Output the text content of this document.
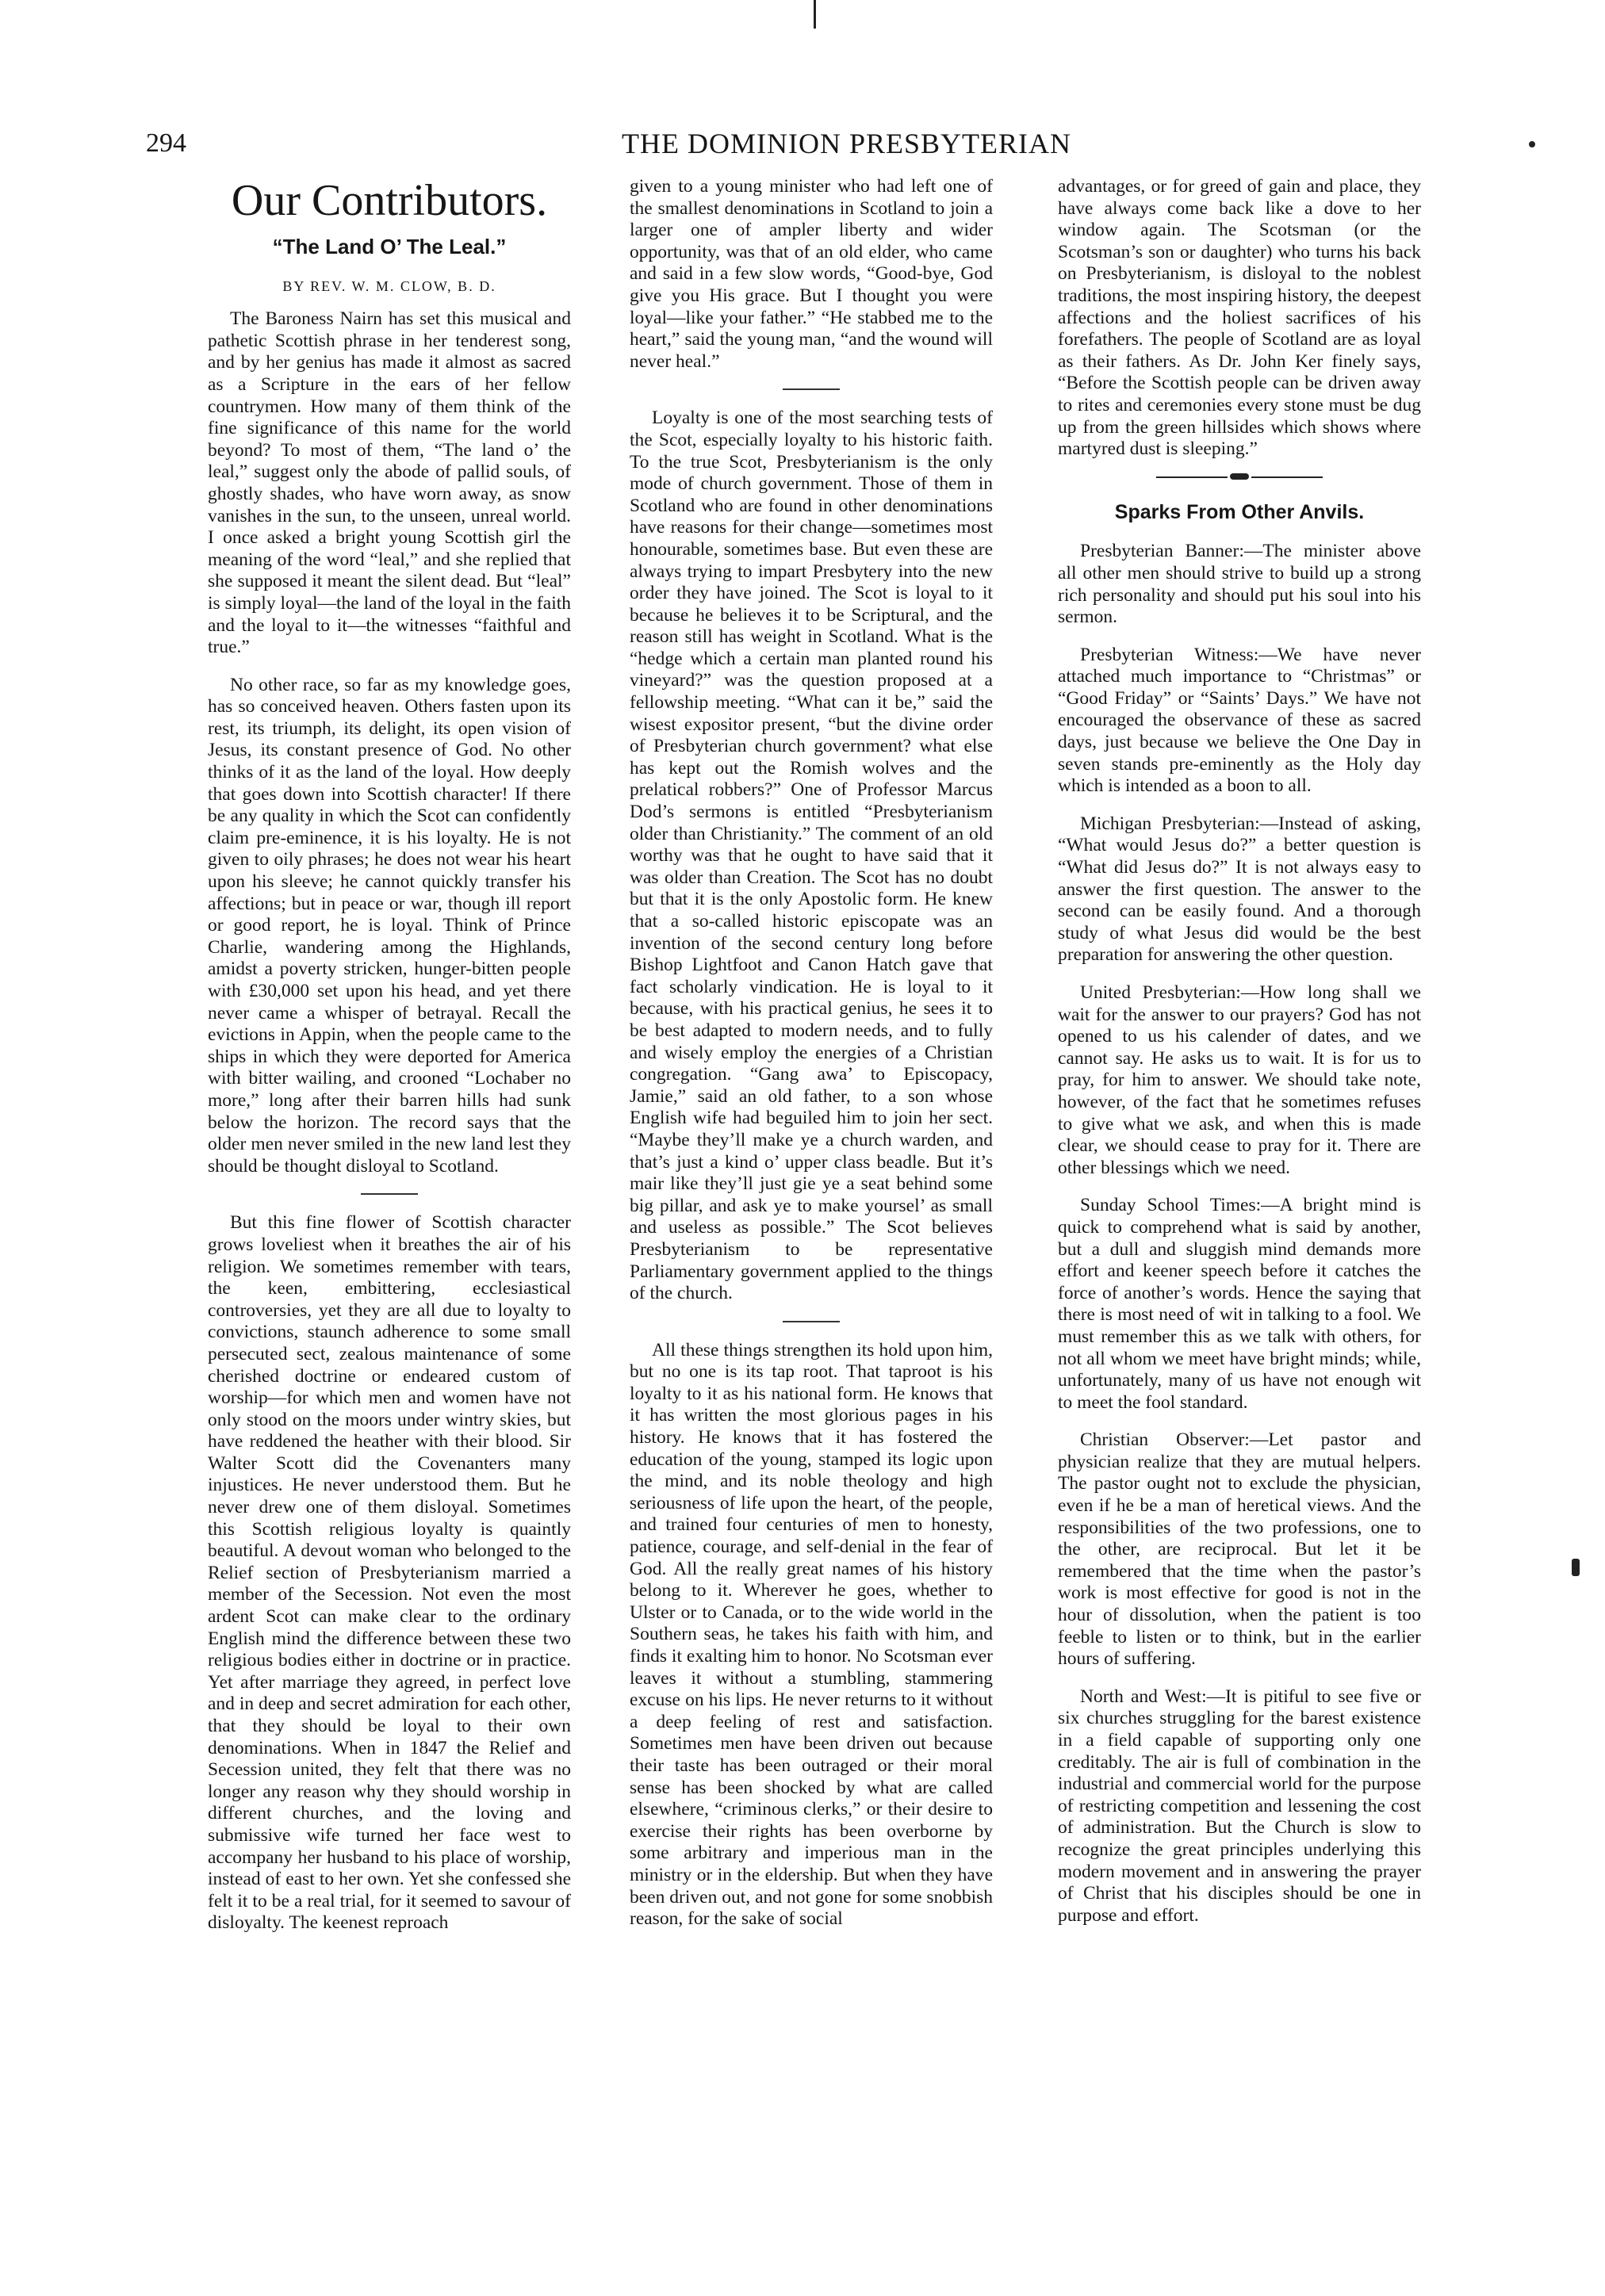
294	THE DOMINION PRESBYTERIAN
Our Contributors.
“The Land O’ The Leal.”
BY REV. W. M. CLOW, B. D.

The Baroness Nairn has set this musical and pathetic Scottish phrase in her tenderest song, and by her genius has made it almost as sacred as a Scripture in the ears of her fellow countrymen. How many of them think of the fine significance of this name for the world beyond? To most of them, “The land o’ the leal,” suggest only the abode of pallid souls, of ghostly shades, who have worn away, as snow vanishes in the sun, to the unseen, unreal world. I once asked a bright young Scottish girl the meaning of the word “leal,” and she replied that she supposed it meant the silent dead. But “leal” is simply loyal—the land of the loyal in the faith and the loyal to it—the witnesses “faithful and true.”

No other race, so far as my knowledge goes, has so conceived heaven. Others fasten upon its rest, its triumph, its delight, its open vision of Jesus, its constant presence of God. No other thinks of it as the land of the loyal. How deeply that goes down into Scottish character! If there be any quality in which the Scot can confidently claim pre-eminence, it is his loyalty. He is not given to oily phrases; he does not wear his heart upon his sleeve; he cannot quickly transfer his affections; but in peace or war, though ill report or good report, he is loyal. Think of Prince Charlie, wandering among the Highlands, amidst a poverty stricken, hunger-bitten people with £30,000 set upon his head, and yet there never came a whisper of betrayal. Recall the evictions in Appin, when the people came to the ships in which they were deported for America with bitter wailing, and crooned “Lochaber no more,” long after their barren hills had sunk below the horizon. The record says that the older men never smiled in the new land lest they should be thought disloyal to Scotland.

But this fine flower of Scottish character grows loveliest when it breathes the air of his religion. We sometimes remember with tears, the keen, embittering, ecclesiastical controversies, yet they are all due to loyalty to convictions, staunch adherence to some small persecuted sect, zealous maintenance of some cherished doctrine or endeared custom of worship—for which men and women have not only stood on the moors under wintry skies, but have reddened the heather with their blood. Sir Walter Scott did the Covenanters many injustices. He never understood them. But he never drew one of them disloyal. Sometimes this Scottish religious loyalty is quaintly beautiful. A devout woman who belonged to the Relief section of Presbyterianism married a member of the Secession. Not even the most ardent Scot can make clear to the ordinary English mind the difference between these two religious bodies either in doctrine or in practice. Yet after marriage they agreed, in perfect love and in deep and secret admiration for each other, that they should be loyal to their own denominations. When in 1847 the Relief and Secession united, they felt that there was no longer any reason why they should worship in different churches, and the loving and submissive wife turned her face west to accompany her husband to his place of worship, instead of east to her own. Yet she confessed she felt it to be a real trial, for it seemed to savour of disloyalty. The keenest reproach

given to a young minister who had left one of the smallest denominations in Scotland to join a larger one of ampler liberty and wider opportunity, was that of an old elder, who came and said in a few slow words, “Good-bye, God give you His grace. But I thought you were loyal—like your father.” “He stabbed me to the heart,” said the young man, “and the wound will never heal.”

Loyalty is one of the most searching tests of the Scot, especially loyalty to his historic faith. To the true Scot, Presbyterianism is the only mode of church government. Those of them in Scotland who are found in other denominations have reasons for their change—sometimes most honourable, sometimes base. But even these are always trying to impart Presbytery into the new order they have joined. The Scot is loyal to it because he believes it to be Scriptural, and the reason still has weight in Scotland. What is the “hedge which a certain man planted round his vineyard?” was the question proposed at a fellowship meeting. “What can it be,” said the wisest expositor present, “but the divine order of Presbyterian church government? what else has kept out the Romish wolves and the prelatical robbers?” One of Professor Marcus Dod’s sermons is entitled “Presbyterianism older than Christianity.” The comment of an old worthy was that he ought to have said that it was older than Creation. The Scot has no doubt but that it is the only Apostolic form. He knew that a so-called historic episcopate was an invention of the second century long before Bishop Lightfoot and Canon Hatch gave that fact scholarly vindication. He is loyal to it because, with his practical genius, he sees it to be best adapted to modern needs, and to fully and wisely employ the energies of a Christian congregation. “Gang awa’ to Episcopacy, Jamie,” said an old father, to a son whose English wife had beguiled him to join her sect. “Maybe they’ll make ye a church warden, and that’s just a kind o’ upper class beadle. But it’s mair like they’ll just gie ye a seat behind some big pillar, and ask ye to make yoursel’ as small and useless as possible.” The Scot believes Presbyterianism to be representative Parliamentary government applied to the things of the church.

All these things strengthen its hold upon him, but no one is its tap root. That taproot is his loyalty to it as his national form. He knows that it has written the most glorious pages in his history. He knows that it has fostered the education of the young, stamped its logic upon the mind, and its noble theology and high seriousness of life upon the heart, of the people, and trained four centuries of men to honesty, patience, courage, and self-denial in the fear of God. All the really great names of his history belong to it. Wherever he goes, whether to Ulster or to Canada, or to the wide world in the Southern seas, he takes his faith with him, and finds it exalting him to honor. No Scotsman ever leaves it without a stumbling, stammering excuse on his lips. He never returns to it without a deep feeling of rest and satisfaction. Sometimes men have been driven out because their taste has been outraged or their moral sense has been shocked by what are called elsewhere, “criminous clerks,” or their desire to exercise their rights has been overborne by some arbitrary and imperious man in the ministry or in the eldership. But when they have been driven out, and not gone for some snobbish reason, for the sake of social

advantages, or for greed of gain and place, they have always come back like a dove to her window again. The Scotsman (or the Scotsman’s son or daughter) who turns his back on Presbyterianism, is disloyal to the noblest traditions, the most inspiring history, the deepest affections and the holiest sacrifices of his forefathers. The people of Scotland are as loyal as their fathers. As Dr. John Ker finely says, “Before the Scottish people can be driven away to rites and ceremonies every stone must be dug up from the green hillsides which shows where martyred dust is sleeping.”

Sparks From Other Anvils.

Presbyterian Banner:—The minister above all other men should strive to build up a strong rich personality and should put his soul into his sermon.

Presbyterian Witness:—We have never attached much importance to “Christmas” or “Good Friday” or “Saints’ Days.” We have not encouraged the observance of these as sacred days, just because we believe the One Day in seven stands pre-eminently as the Holy day which is intended as a boon to all.

Michigan Presbyterian:—Instead of asking, “What would Jesus do?” a better question is “What did Jesus do?” It is not always easy to answer the first question. The answer to the second can be easily found. And a thorough study of what Jesus did would be the best preparation for answering the other question.

United Presbyterian:—How long shall we wait for the answer to our prayers? God has not opened to us his calender of dates, and we cannot say. He asks us to wait. It is for us to pray, for him to answer. We should take note, however, of the fact that he sometimes refuses to give what we ask, and when this is made clear, we should cease to pray for it. There are other blessings which we need.

Sunday School Times:—A bright mind is quick to comprehend what is said by another, but a dull and sluggish mind demands more effort and keener speech before it catches the force of another’s words. Hence the saying that there is most need of wit in talking to a fool. We must remember this as we talk with others, for not all whom we meet have bright minds; while, unfortunately, many of us have not enough wit to meet the fool standard.

Christian Observer:—Let pastor and physician realize that they are mutual helpers. The pastor ought not to exclude the physician, even if he be a man of heretical views. And the responsibilities of the two professions, one to the other, are reciprocal. But let it be remembered that the time when the pastor’s work is most effective for good is not in the hour of dissolution, when the patient is too feeble to listen or to think, but in the earlier hours of suffering.

North and West:—It is pitiful to see five or six churches struggling for the barest existence in a field capable of supporting only one creditably. The air is full of combination in the industrial and commercial world for the purpose of restricting competition and lessening the cost of administration. But the Church is slow to recognize the great principles underlying this modern movement and in answering the prayer of Christ that his disciples should be one in purpose and effort.
